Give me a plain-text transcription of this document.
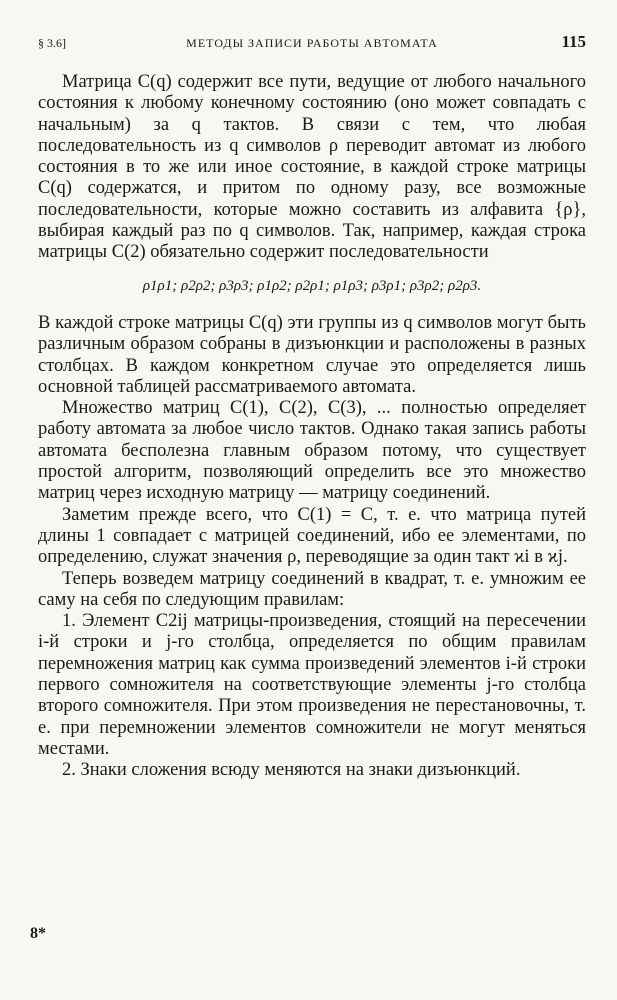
§ 3.6]	МЕТОДЫ ЗАПИСИ РАБОТЫ АВТОМАТА	115

Матрица C(q) содержит все пути, ведущие от любого начального состояния к любому конечному состоянию (оно может совпадать с начальным) за q тактов. В связи с тем, что любая последовательность из q символов ρ переводит автомат из любого состояния в то же или иное состояние, в каждой строке матрицы C(q) содержатся, и притом по одному разу, все возможные последовательности, которые можно составить из алфавита {ρ}, выбирая каждый раз по q символов. Так, например, каждая строка матрицы C(2) обязательно содержит последовательности

ρ1ρ1; ρ2ρ2; ρ3ρ3; ρ1ρ2; ρ2ρ1; ρ1ρ3; ρ3ρ1; ρ3ρ2; ρ2ρ3.

В каждой строке матрицы C(q) эти группы из q символов могут быть различным образом собраны в дизъюнкции и расположены в разных столбцах. В каждом конкретном случае это определяется лишь основной таблицей рассматриваемого автомата.

Множество матриц C(1), C(2), C(3), ... полностью определяет работу автомата за любое число тактов. Однако такая запись работы автомата бесполезна главным образом потому, что существует простой алгоритм, позволяющий определить все это множество матриц через исходную матрицу — матрицу соединений.

Заметим прежде всего, что C(1) = C, т. е. что матрица путей длины 1 совпадает с матрицей соединений, ибо ее элементами, по определению, служат значения ρ, переводящие за один такт ϰi в ϰj.

Теперь возведем матрицу соединений в квадрат, т. е. умножим ее саму на себя по следующим правилам:

1. Элемент C2ij матрицы-произведения, стоящий на пересечении i-й строки и j-го столбца, определяется по общим правилам перемножения матриц как сумма произведений элементов i-й строки первого сомножителя на соответствующие элементы j-го столбца второго сомножителя. При этом произведения не перестановочны, т. е. при перемножении элементов сомножители не могут меняться местами.

2. Знаки сложения всюду меняются на знаки дизъюнкций.

8*
